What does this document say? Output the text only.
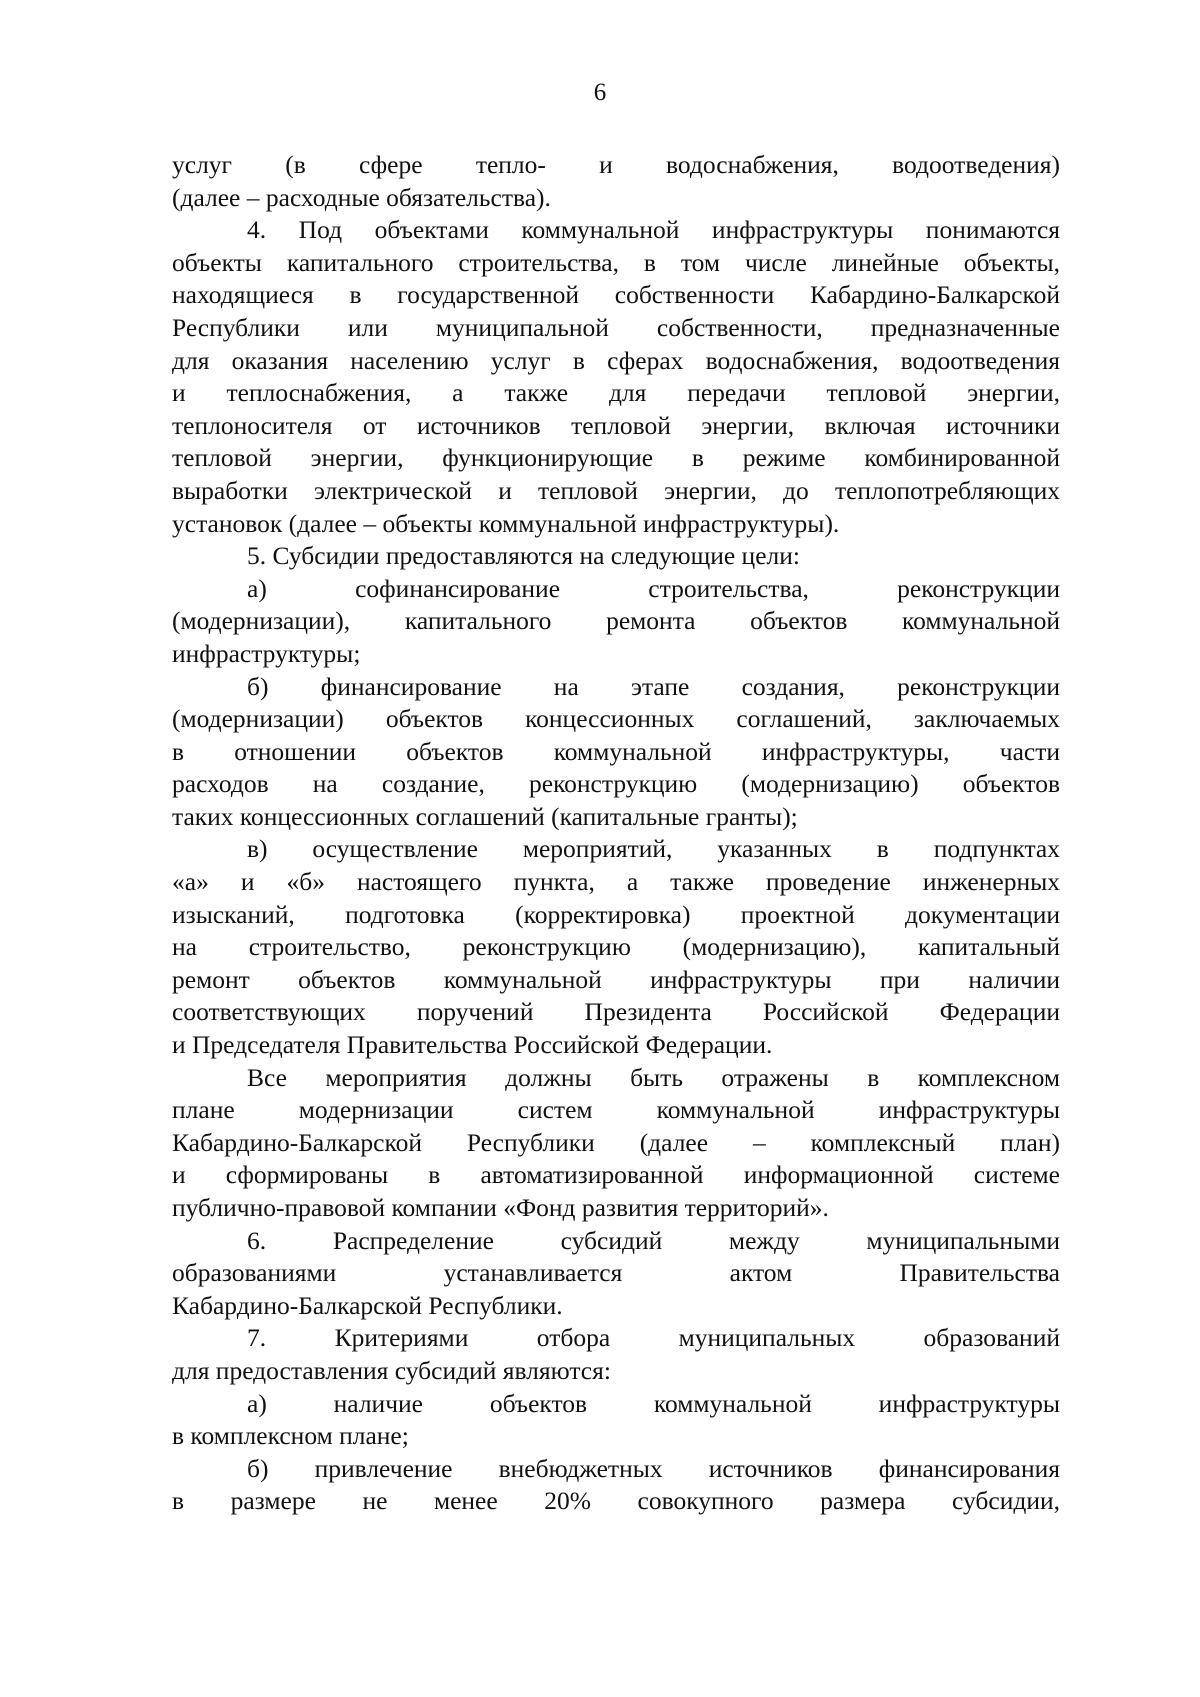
6
услуг (в сфере тепло- и водоснабжения, водоотведения)
(далее – расходные обязательства).
4. Под объектами коммунальной инфраструктуры понимаются
объекты капитального строительства, в том числе линейные объекты,
находящиеся в государственной собственности Кабардино-Балкарской
Республики или муниципальной собственности, предназначенные
для оказания населению услуг в сферах водоснабжения, водоотведения
и теплоснабжения, а также для передачи тепловой энергии,
теплоносителя от источников тепловой энергии, включая источники
тепловой энергии, функционирующие в режиме комбинированной
выработки электрической и тепловой энергии, до теплопотребляющих
установок (далее – объекты коммунальной инфраструктуры).
5. Субсидии предоставляются на следующие цели:
а) софинансирование строительства, реконструкции
(модернизации), капитального ремонта объектов коммунальной
инфраструктуры;
б) финансирование на этапе создания, реконструкции
(модернизации) объектов концессионных соглашений, заключаемых
в отношении объектов коммунальной инфраструктуры, части
расходов на создание, реконструкцию (модернизацию) объектов
таких концессионных соглашений (капитальные гранты);
в) осуществление мероприятий, указанных в подпунктах
«а» и «б» настоящего пункта, а также проведение инженерных
изысканий, подготовка (корректировка) проектной документации
на строительство, реконструкцию (модернизацию), капитальный
ремонт объектов коммунальной инфраструктуры при наличии
соответствующих поручений Президента Российской Федерации
и Председателя Правительства Российской Федерации.
Все мероприятия должны быть отражены в комплексном
плане модернизации систем коммунальной инфраструктуры
Кабардино-Балкарской Республики (далее – комплексный план)
и сформированы в автоматизированной информационной системе
публично-правовой компании «Фонд развития территорий».
6. Распределение субсидий между муниципальными
образованиями устанавливается актом Правительства
Кабардино-Балкарской Республики.
7. Критериями отбора муниципальных образований
для предоставления субсидий являются:
а) наличие объектов коммунальной инфраструктуры
в комплексном плане;
б) привлечение внебюджетных источников финансирования
в размере не менее 20% совокупного размера субсидии,
